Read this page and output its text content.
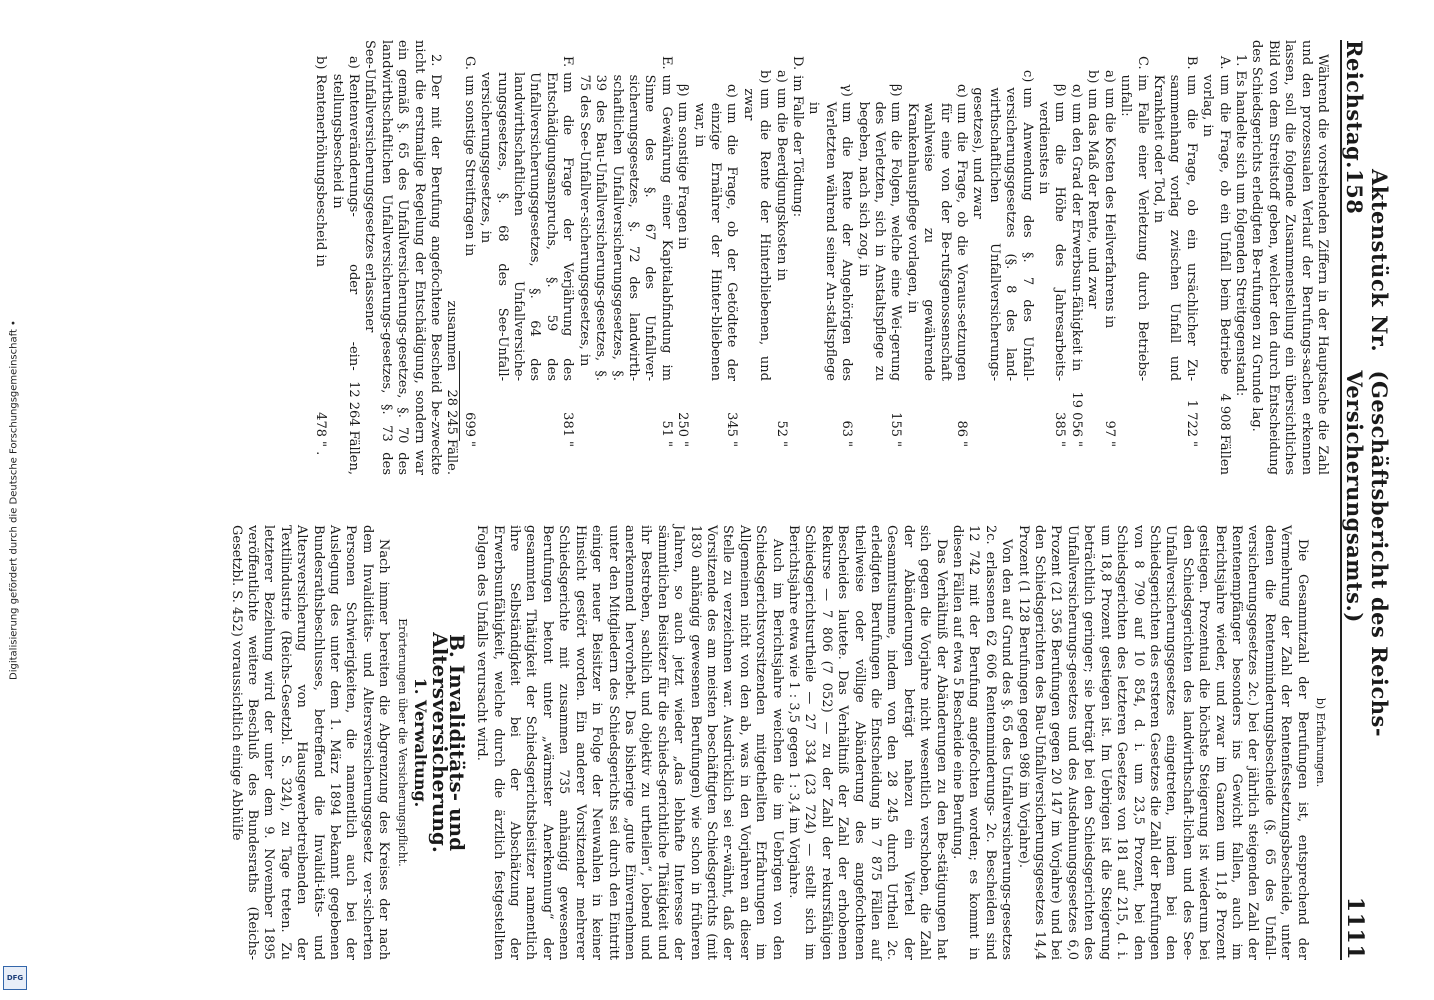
Reichstag.
Aktenstück Nr. 158
(Geschäftsbericht des Reichs-Versicherungsamts.)
1111

Während die vorstehenden Ziffern in der Hauptsache die Zahl und den prozessualen Verlauf der Berufungs-sachen erkennen lassen, soll die folgende Zusammenstellung ein übersichtliches Bild von dem Streitstoff geben, welcher den durch Entscheidung des Schiedsgerichts erledigten Be-rufungen zu Grunde lag.

1. Es handelte sich um folgenden Streitgegenstand:

A.
um die Frage, ob ein Unfall beim Betriebe vorlag, in
4 908
Fällen
B.
um die Frage, ob ein ursächlicher Zu-sammenhang vorlag zwischen Unfall und Krankheit oder Tod, in
1 722
"
C.
im Falle einer Verletzung durch Betriebs-unfall:
a)
um die Kosten des Heilverfahrens in
97
"
b)
um das Maß der Rente, und zwar
α)
um den Grad der Erwerbsun-fähigkeit in
19 056
"
β)
um die Höhe des Jahresarbeits-verdienstes in
385
"
c)
um Anwendung des §. 7 des Unfall-versicherungsgesetzes (§. 8 des land-wirthschaftlichen Unfallversicherungs-gesetzes), und zwar
α)
um die Frage, ob die Voraus-setzungen für eine von der Be-rufsgenossenschaft wahlweise zu gewährende Krankenhauspflege vorlagen, in
86
"
β)
um die Folgen, welche eine Wei-gerung des Verletzten, sich in Anstaltspflege zu begeben, nach sich zog, in
155
"
γ)
um die Rente der Angehörigen des Verletzten während seiner An-staltspflege in
63
"
D.
im Falle der Tödtung:
a)
um die Beerdigungskosten in
52
"
b)
um die Rente der Hinterbliebenen, und zwar
α)
um die Frage, ob der Getödtete der einzige Ernährer der Hinter-bliebenen war, in
345
"
β)
um sonstige Fragen in
250
"
E.
um Gewährung einer Kapitalabfindung im Sinne des §. 67 des Unfallver-sicherungsgesetzes, §. 72 des landwirth-schaftlichen Unfallversicherungsgesetzes, §. 39 des Bau-Unfallversicherungs-gesetzes, §. 75 des See-Unfallver-sicherungsgesetzes, in
51
"
F.
um die Frage der Verjährung des Entschädigungsanspruchs, §. 59 des Unfallversicherungsgesetzes, §. 64 des landwirthschaftlichen Unfallversiche-rungsgesetzes, §. 68 des See-Unfall-versicherungsgesetzes, in
381
"
G.
um sonstige Streitfragen in
699
"
zusammen
28 245
Fälle.

2. Der mit der Berufung angefochtene Bescheid be-zweckte nicht die erstmalige Regelung der Entschädigung, sondern war ein gemäß §. 65 des Unfallversicherungs-gesetzes, §. 70 des landwirthschaftlichen Unfallversicherungs-gesetzes, §. 73 des See-Unfallversicherungsgesetzes erlassener

a)
Rentenveränderungs- oder -ein-stellungsbescheid in
12 264
Fällen,
b)
Rentenerhöhungsbescheid in
478
" .
b) Erfahrungen.

Die Gesammtzahl der Berufungen ist, entsprechend der Vermehrung der Zahl der Rentenfestsetzungsbescheide, unter denen die Rentenminderungsbescheide (§. 65 des Unfall-versicherungsgesetzes 2c.) bei der jährlich steigenden Zahl der Rentenempfänger besonders ins Gewicht fallen, auch im Berichtsjahre wieder, und zwar im Ganzen um 11,8 Prozent gestiegen. Prozentual die höchste Steigerung ist wiederum bei den Schiedsgerichten des landwirthschaft-lichen und des See-Unfallversicherungsgesetzes eingetreten, indem bei den Schiedsgerichten des ersteren Gesetzes die Zahl der Berufungen von 8 790 auf 10 854, d. i. um 23,5 Prozent, bei den Schiedsgerichten des letzteren Gesetzes von 181 auf 215, d. i. um 18,8 Prozent gestiegen ist. Im Uebrigen ist die Steigerung beträchtlich geringer; sie beträgt bei den Schiedsgerichten des Unfallversicherungs-gesetzes und des Ausdehnungsgesetzes 6,0 Prozent (21 356 Berufungen gegen 20 147 im Vorjahre) und bei den Schiedsgerichten des Bau-Unfallversicherungsgesetzes 14,4 Prozent (1 128 Berufungen gegen 986 im Vorjahre).

Von den auf Grund des §. 65 des Unfallversicherungs-gesetzes 2c. erlassenen 62 606 Rentenminderungs- 2c. Bescheiden sind 12 742 mit der Berufung angefochten worden; es kommt in diesen Fällen auf etwa 5 Bescheide eine Berufung.

Das Verhältniß der Abänderungen zu den Be-stätigungen hat sich gegen die Vorjahre nicht wesentlich verschoben, die Zahl der Abänderungen beträgt nahezu ein Viertel der Gesammtsumme, indem von den 28 245 durch Urtheil 2c. erledigten Berufungen die Entscheidung in 7 875 Fällen auf theilweise oder völlige Abänderung des angefochtenen Bescheides lautete. Das Verhältniß der Zahl der erhobenen Rekurse — 7 806 (7 052) — zu der Zahl der rekursfähigen Schiedsgerichtsurtheile — 27 334 (23 724) — stellt sich im Berichtsjahre etwa wie 1 : 3,5 gegen 1 : 3,4 im Vorjahre.

Auch im Berichtsjahre weichen die im Uebrigen von den Schiedsgerichtsvorsitzenden mitgetheilten Erfahrungen im Allgemeinen nicht von den ab, was in den Vorjahren an dieser Stelle zu verzeichnen war. Ausdrücklich sei er-wähnt, daß der Vorsitzende des am meisten beschäftigten Schiedsgerichts (mit 1830 anhängig gewesenen Berufungen) wie schon in früheren Jahren, so auch jetzt wieder „das lebhafte Interesse der sämmtlichen Beisitzer für die schieds-gerichtliche Thätigkeit und ihr Bestreben, sachlich und objektiv zu urtheilen“, lobend und anerkennend hervorhebt. Das bisherige „gute Einvernehmen unter den Mitgliedern des Schiedsgerichts sei durch den Eintritt einiger neuer Beisitzer in Folge der Neuwahlen in keiner Hinsicht gestört worden. Ein anderer Vorsitzender mehrerer Schiedsgerichte mit zusammen 735 anhängig gewesenen Berufungen betont unter „wärmster Anerkennung“ der gesammten Thätigkeit der Schiedsgerichtsbeisitzer namentlich ihre Selbständigkeit bei der Abschätzung der Erwerbsunfähigkeit, welche durch die ärztlich festgestellten Folgen des Unfalls verursacht wird.

B. Invaliditäts- und Altersversicherung.
1. Verwaltung.
Erörterungen über die Versicherungspflicht.

Nach immer bereiten die Abgrenzung des Kreises der nach dem Invaliditäts- und Altersversicherungsgesetz ver-sicherten Personen Schwierigkeiten, die namentlich auch bei der Auslegung des unter dem 1. März 1894 bekannt gegebenen Bundesrathsbeschlusses, betreffend die Invalidi-täts- und Altersversicherung von Hausgewerbetreibenden der Textilindustrie (Reichs-Gesetzbl. S. 324), zu Tage treten. Zu letzterer Beziehung wird der unter dem 9. November 1895 veröffentlichte weitere Beschluß des Bundesraths (Reichs-Gesetzbl. S. 452) voraussichtlich einige Abhülfe

Digitalisierung gefördert durch die Deutsche Forschungsgemeinschaft •
DFG
